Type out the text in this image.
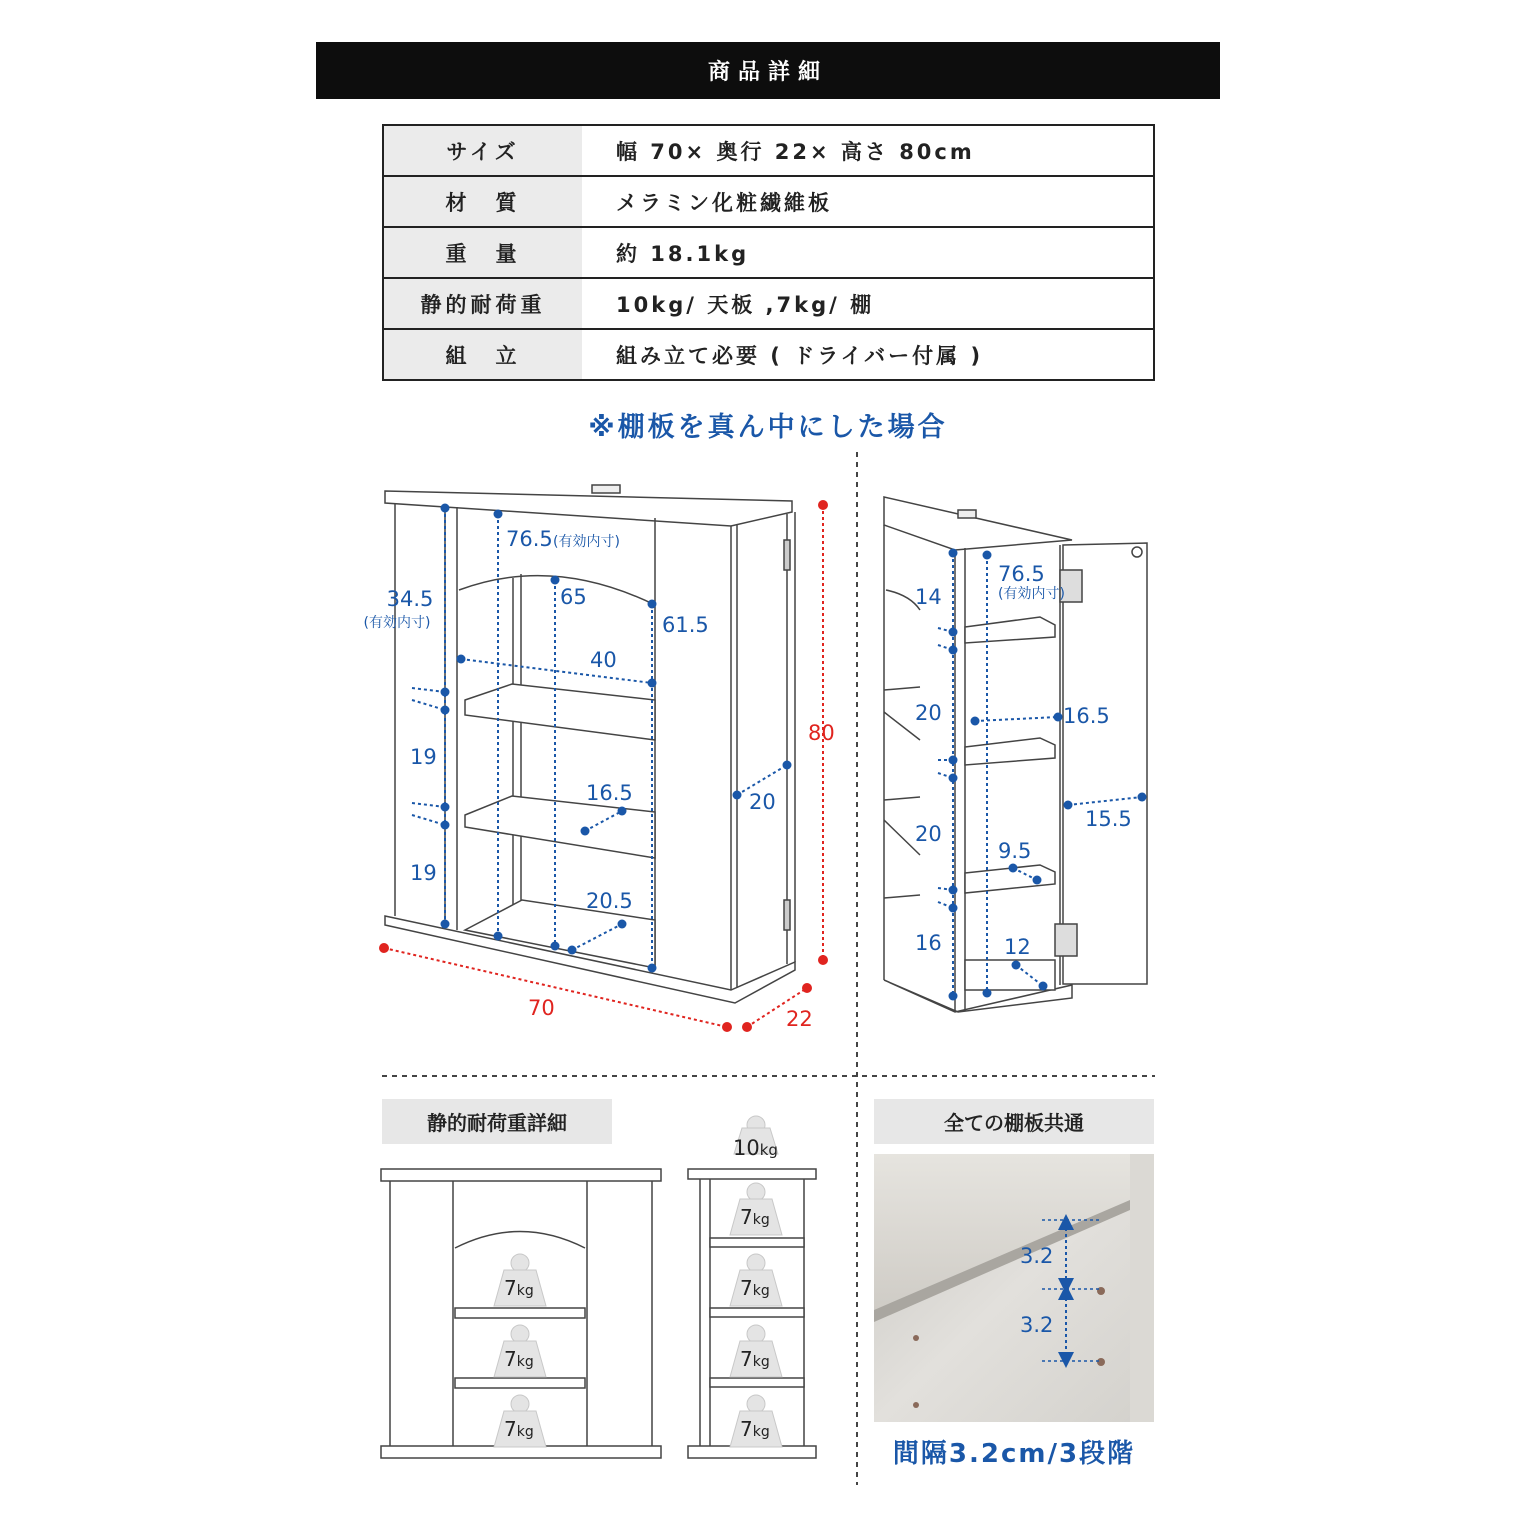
商品詳細
サイズ	幅 70× 奥行 22× 高さ 80cm
材　質	メラミン化粧繊維板
重　量	約 18.1kg
静的耐荷重	10kg/ 天板 ,7kg/ 棚
組　立	組み立て必要 ( ドライバー付属 )
※棚板を真ん中にした場合
76.5 (有効内寸)
34.5
(有効内寸)
65
61.5
40
19
19
16.5
20.5
20
70	22
80
76.5
(有効内寸)
14
20
20
16
16.5
15.5
9.5
12
10kg
7kg
7kg
7kg
7kg
7kg
7kg
7kg
3.2
3.2
静的耐荷重詳細	全ての棚板共通
間隔3.2cm/3段階
